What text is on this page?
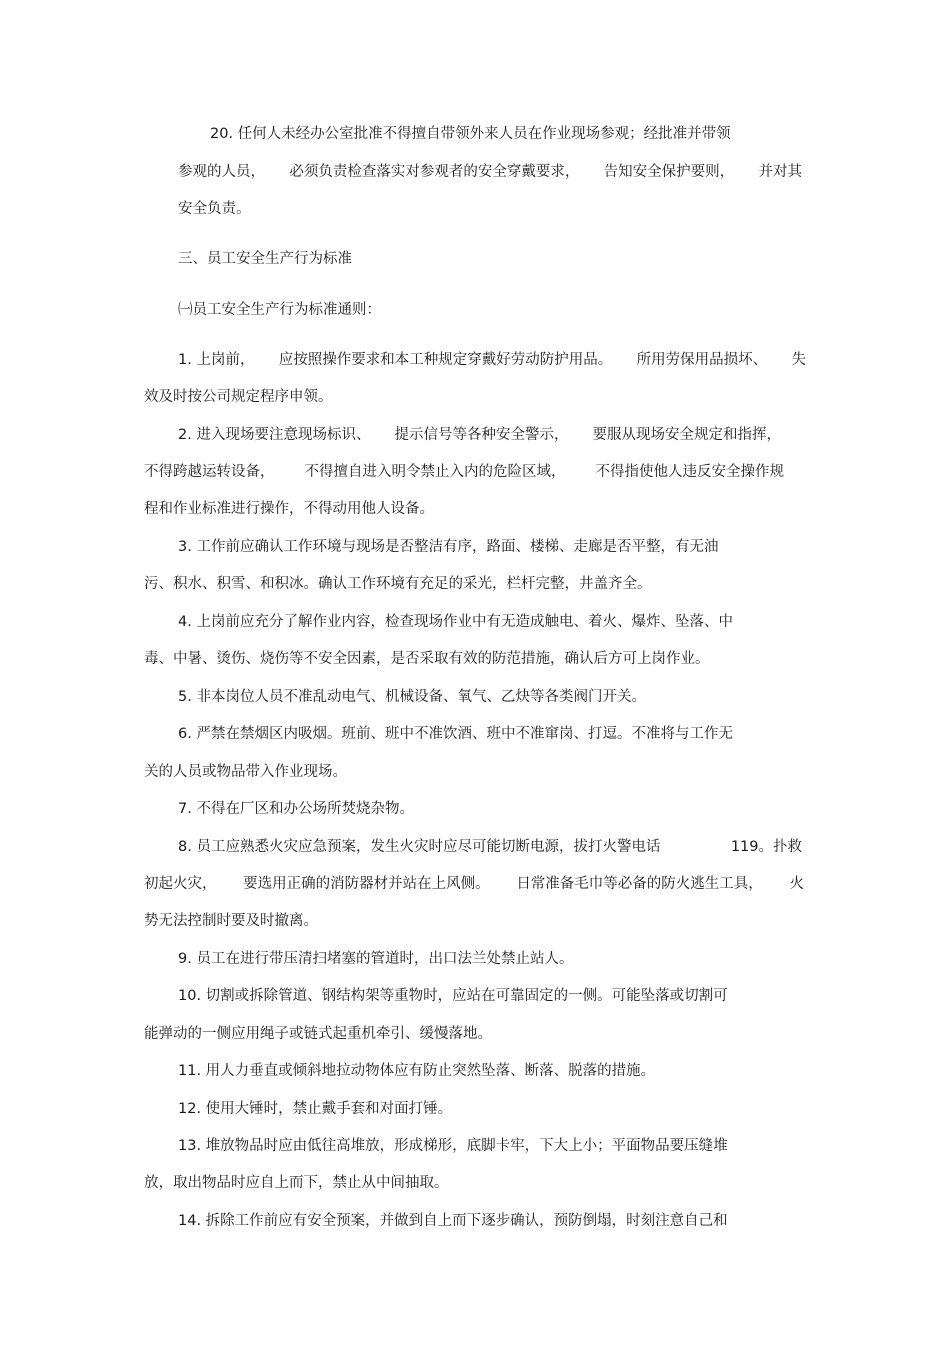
20. 任何人未经办公室批准不得擅自带领外来人员在作业现场参观；经批准并带领
参观的人员， 必须负责检查落实对参观者的安全穿戴要求， 告知安全保护要则， 并对其
安全负责。
三、员工安全生产行为标准
㈠员工安全生产行为标准通则：
1. 上岗前， 应按照操作要求和本工种规定穿戴好劳动防护用品。 所用劳保用品损坏、 失
效及时按公司规定程序申领。
2. 进入现场要注意现场标识、 提示信号等各种安全警示， 要服从现场安全规定和指挥，
不得跨越运转设备， 不得擅自进入明令禁止入内的危险区域， 不得指使他人违反安全操作规
程和作业标准进行操作，不得动用他人设备。
3. 工作前应确认工作环境与现场是否整洁有序，路面、楼梯、走廊是否平整，有无油
污、积水、积雪、和积冰。确认工作环境有充足的采光，栏杆完整，井盖齐全。
4. 上岗前应充分了解作业内容，检查现场作业中有无造成触电、着火、爆炸、坠落、中
毒、中暑、烫伤、烧伤等不安全因素，是否采取有效的防范措施，确认后方可上岗作业。
5. 非本岗位人员不准乱动电气、机械设备、氧气、乙炔等各类阀门开关。
6. 严禁在禁烟区内吸烟。班前、班中不准饮酒、班中不准窜岗、打逗。不准将与工作无
关的人员或物品带入作业现场。
7. 不得在厂区和办公场所焚烧杂物。
8. 员工应熟悉火灾应急预案，发生火灾时应尽可能切断电源，拔打火警电话	119。扑救
初起火灾， 要选用正确的消防器材并站在上风侧。 日常准备毛巾等必备的防火逃生工具， 火
势无法控制时要及时撤离。
9. 员工在进行带压清扫堵塞的管道时，出口法兰处禁止站人。
10. 切割或拆除管道、钢结构架等重物时，应站在可靠固定的一侧。可能坠落或切割可
能弹动的一侧应用绳子或链式起重机牵引、缓慢落地。
11. 用人力垂直或倾斜地拉动物体应有防止突然坠落、断落、脱落的措施。
12. 使用大锤时，禁止戴手套和对面打锤。
13. 堆放物品时应由低往高堆放，形成梯形，底脚卡牢，下大上小；平面物品要压缝堆
放，取出物品时应自上而下，禁止从中间抽取。
14. 拆除工作前应有安全预案，并做到自上而下逐步确认，预防倒塌，时刻注意自己和
